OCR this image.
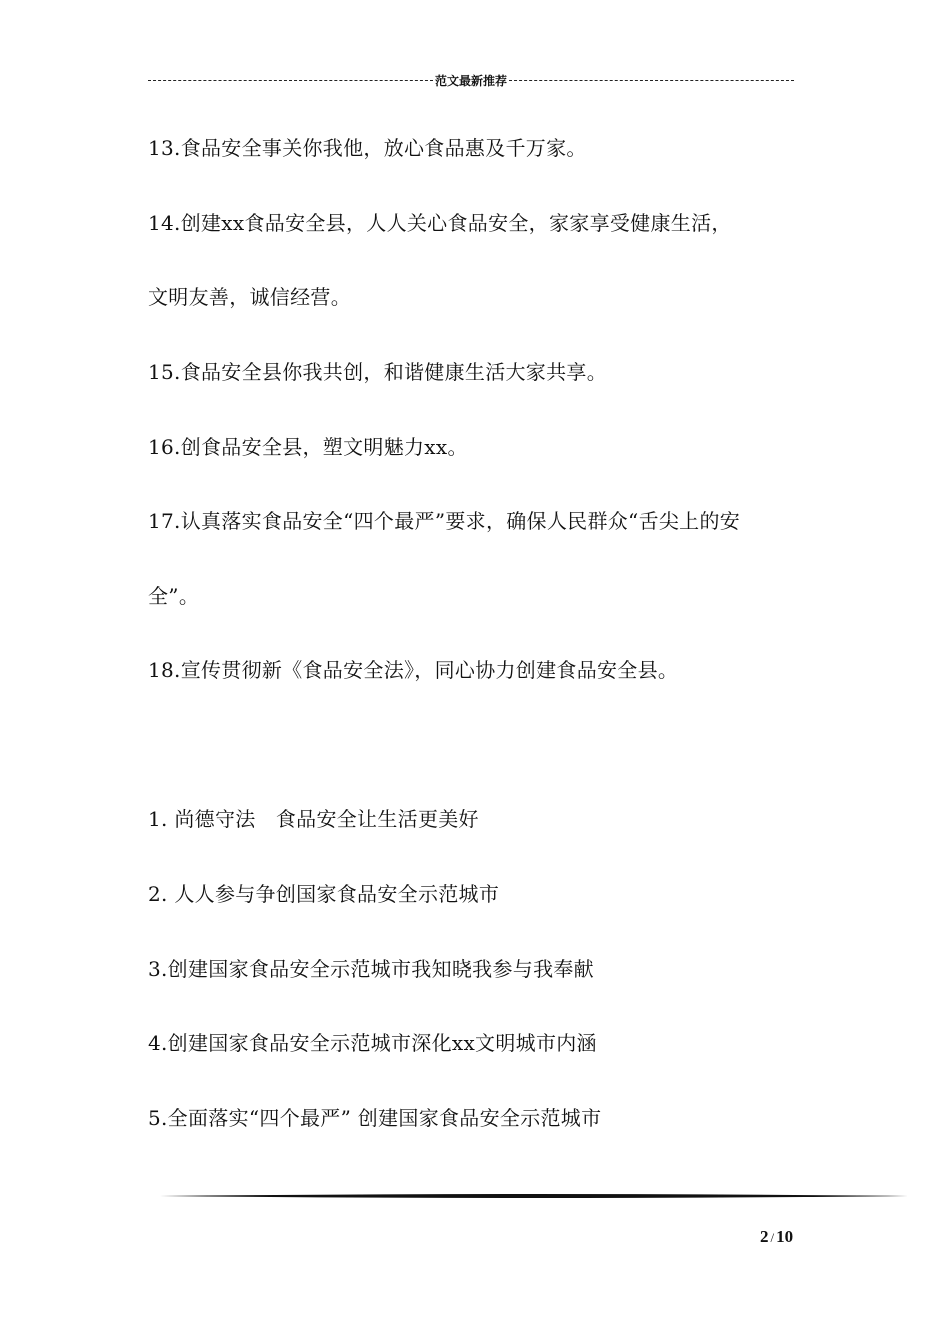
范文最新推荐
13.食品安全事关你我他，放心食品惠及千万家。
14.创建xx食品安全县，人人关心食品安全，家家享受健康生活，
文明友善，诚信经营。
15.食品安全县你我共创，和谐健康生活大家共享。
16.创食品安全县，塑文明魅力xx。
17.认真落实食品安全“四个最严”要求，确保人民群众“舌尖上的安
全”。
18.宣传贯彻新《食品安全法》，同心协力创建食品安全县。
1. 尚德守法　食品安全让生活更美好
2. 人人参与争创国家食品安全示范城市
3.创建国家食品安全示范城市我知晓我参与我奉献
4.创建国家食品安全示范城市深化xx文明城市内涵
5.全面落实“四个最严” 创建国家食品安全示范城市
2 / 10
